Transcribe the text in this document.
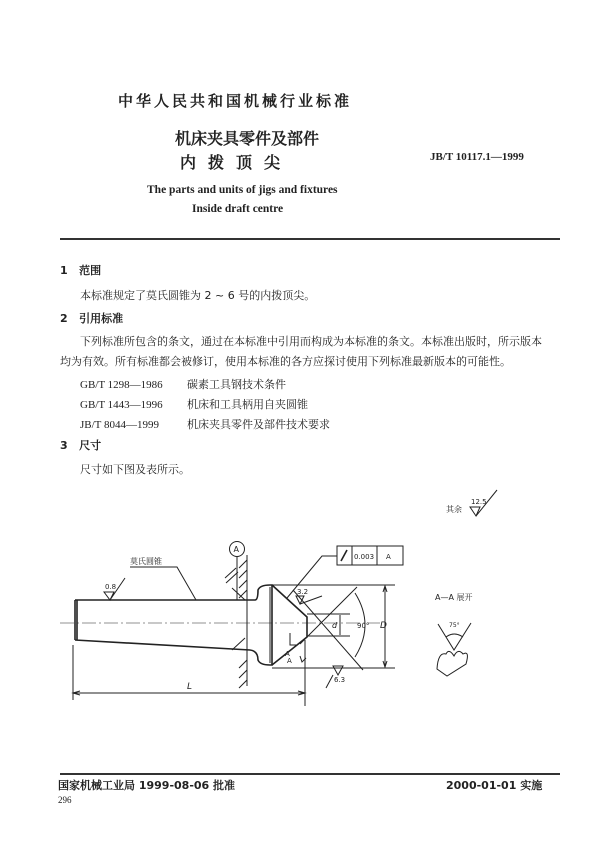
中华人民共和国机械行业标准
机床夹具零件及部件
内拨顶尖	JB/T 10117.1—1999
The parts and units of jigs and fixtures
Inside draft centre
1 范围
本标准规定了莫氏圆锥为 2 ~ 6 号的内拨顶尖。
2 引用标准
下列标准所包含的条文，通过在本标准中引用而构成为本标准的条文。本标准出版时，所示版本
均为有效。所有标准都会被修订，使用本标准的各方应探讨使用下列标准最新版本的可能性。
GB/T 1298—1986 碳素工具钢技术条件
GB/T 1443—1996 机床和工具柄用自夹圆锥
JB/T 8044—1999	机床夹具零件及部件技术要求
3 尺寸
尺寸如下图及表所示。
其余
12.5
A
莫氏圆锥
0.8
0.003 A
3.2
D
d	90°
A
A
6.3
L
A—A 展开
75°
国家机械工业局 1999-08-06 批准	2000-01-01 实施
296
